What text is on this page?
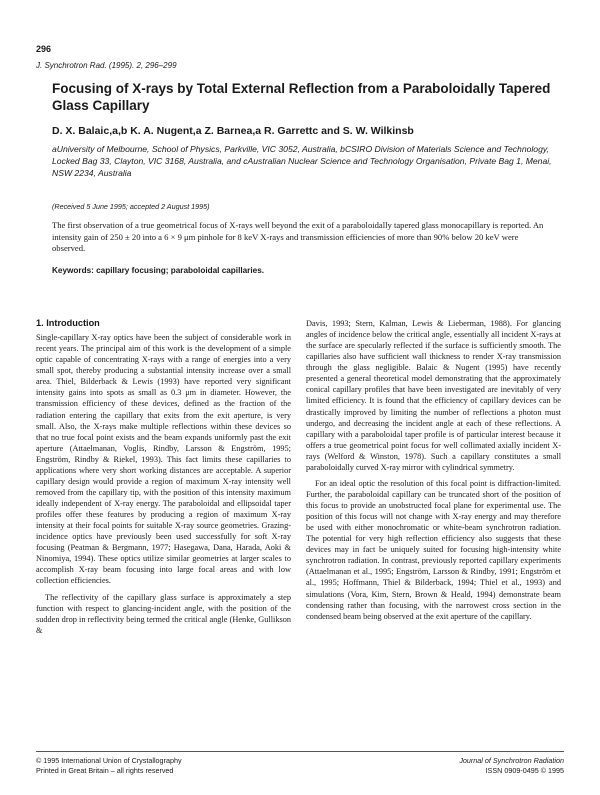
296
J. Synchrotron Rad. (1995). 2, 296–299
Focusing of X-rays by Total External Reflection from a Paraboloidally Tapered Glass Capillary
D. X. Balaic,a,b K. A. Nugent,a Z. Barnea,a R. Garrettc and S. W. Wilkinsb
aUniversity of Melbourne, School of Physics, Parkville, VIC 3052, Australia, bCSIRO Division of Materials Science and Technology, Locked Bag 33, Clayton, VIC 3168, Australia, and cAustralian Nuclear Science and Technology Organisation, Private Bag 1, Menai, NSW 2234, Australia
(Received 5 June 1995; accepted 2 August 1995)
The first observation of a true geometrical focus of X-rays well beyond the exit of a paraboloidally tapered glass monocapillary is reported. An intensity gain of 250 ± 20 into a 6 × 9 μm pinhole for 8 keV X-rays and transmission efficiencies of more than 90% below 20 keV were observed.
Keywords: capillary focusing; paraboloidal capillaries.
1. Introduction

Single-capillary X-ray optics have been the subject of considerable work in recent years. The principal aim of this work is the development of a simple optic capable of concentrating X-rays with a range of energies into a very small spot, thereby producing a substantial intensity increase over a small area. Thiel, Bilderback & Lewis (1993) have reported very significant intensity gains into spots as small as 0.3 μm in diameter. However, the transmission efficiency of these devices, defined as the fraction of the radiation entering the capillary that exits from the exit aperture, is very small. Also, the X-rays make multiple reflections within these devices so that no true focal point exists and the beam expands uniformly past the exit aperture (Attaelmanan, Voglis, Rindby, Larsson & Engström, 1995; Engström, Rindby & Riekel, 1993). This fact limits these capillaries to applications where very short working distances are acceptable. A superior capillary design would provide a region of maximum X-ray intensity well removed from the capillary tip, with the position of this intensity maximum ideally independent of X-ray energy. The paraboloidal and ellipsoidal taper profiles offer these features by producing a region of maximum X-ray intensity at their focal points for suitable X-ray source geometries. Grazing-incidence optics have previously been used successfully for soft X-ray focusing (Peatman & Bergmann, 1977; Hasegawa, Dana, Harada, Aoki & Ninomiya, 1994). These optics utilize similar geometries at larger scales to accomplish X-ray beam focusing into large focal areas and with low collection efficiencies.

The reflectivity of the capillary glass surface is approximately a step function with respect to glancing-incident angle, with the position of the sudden drop in reflectivity being termed the critical angle (Henke, Gullikson &

Davis, 1993; Stern, Kalman, Lewis & Lieberman, 1988). For glancing angles of incidence below the critical angle, essentially all incident X-rays at the surface are specularly reflected if the surface is sufficiently smooth. The capillaries also have sufficient wall thickness to render X-ray transmission through the glass negligible. Balaic & Nugent (1995) have recently presented a general theoretical model demonstrating that the approximately conical capillary profiles that have been investigated are inevitably of very limited efficiency. It is found that the efficiency of capillary devices can be drastically improved by limiting the number of reflections a photon must undergo, and decreasing the incident angle at each of these reflections. A capillary with a paraboloidal taper profile is of particular interest because it offers a true geometrical point focus for well collimated axially incident X-rays (Welford & Winston, 1978). Such a capillary constitutes a small paraboloidally curved X-ray mirror with cylindrical symmetry.

For an ideal optic the resolution of this focal point is diffraction-limited. Further, the paraboloidal capillary can be truncated short of the position of this focus to provide an unobstructed focal plane for experimental use. The position of this focus will not change with X-ray energy and may therefore be used with either monochromatic or white-beam synchrotron radiation. The potential for very high reflection efficiency also suggests that these devices may in fact be uniquely suited for focusing high-intensity white synchrotron radiation. In contrast, previously reported capillary experiments (Attaelmanan et al., 1995; Engström, Larsson & Rindby, 1991; Engström et al., 1995; Hoffmann, Thiel & Bilderback, 1994; Thiel et al., 1993) and simulations (Vora, Kim, Stern, Brown & Heald, 1994) demonstrate beam condensing rather than focusing, with the narrowest cross section in the condensed beam being observed at the exit aperture of the capillary.

© 1995 International Union of Crystallography
Printed in Great Britain – all rights reserved
Journal of Synchrotron Radiation
ISSN 0909-0495 © 1995
